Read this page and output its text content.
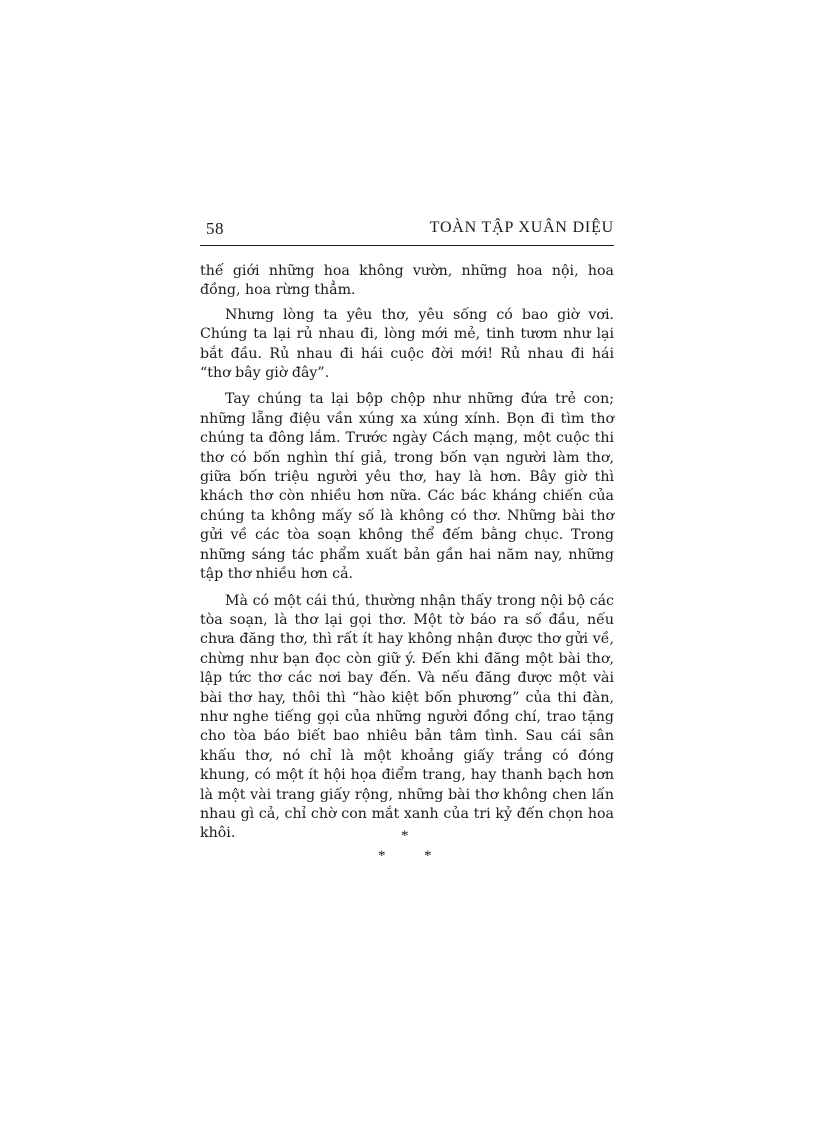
58	TOÀN TẬP XUÂN DIỆU

thế giới những hoa không vườn, những hoa nội, hoa đồng, hoa rừng thẳm.

Nhưng lòng ta yêu thơ, yêu sống có bao giờ vơi. Chúng ta lại rủ nhau đi, lòng mới mẻ, tinh tươm như lại bắt đầu. Rủ nhau đi hái cuộc đời mới! Rủ nhau đi hái “thơ bây giờ đây”.

Tay chúng ta lại bộp chộp như những đứa trẻ con; những lẵng điệu vần xúng xa xúng xính. Bọn đi tìm thơ chúng ta đông lắm. Trước ngày Cách mạng, một cuộc thi thơ có bốn nghìn thí giả, trong bốn vạn người làm thơ, giữa bốn triệu người yêu thơ, hay là hơn. Bây giờ thì khách thơ còn nhiều hơn nữa. Các bác kháng chiến của chúng ta không mấy số là không có thơ. Những bài thơ gửi về các tòa soạn không thể đếm bằng chục. Trong những sáng tác phẩm xuất bản gần hai năm nay, những tập thơ nhiều hơn cả.

Mà có một cái thú, thường nhận thấy trong nội bộ các tòa soạn, là thơ lại gọi thơ. Một tờ báo ra số đầu, nếu chưa đăng thơ, thì rất ít hay không nhận được thơ gửi về, chừng như bạn đọc còn giữ ý. Đến khi đăng một bài thơ, lập tức thơ các nơi bay đến. Và nếu đăng được một vài bài thơ hay, thôi thì “hào kiệt bốn phương” của thi đàn, như nghe tiếng gọi của những người đồng chí, trao tặng cho tòa báo biết bao nhiêu bản tâm tình. Sau cái sân khấu thơ, nó chỉ là một khoảng giấy trắng có đóng khung, có một ít hội họa điểm trang, hay thanh bạch hơn là một vài trang giấy rộng, những bài thơ không chen lấn nhau gì cả, chỉ chờ con mắt xanh của tri kỷ đến chọn hoa khôi.	*
*	*
